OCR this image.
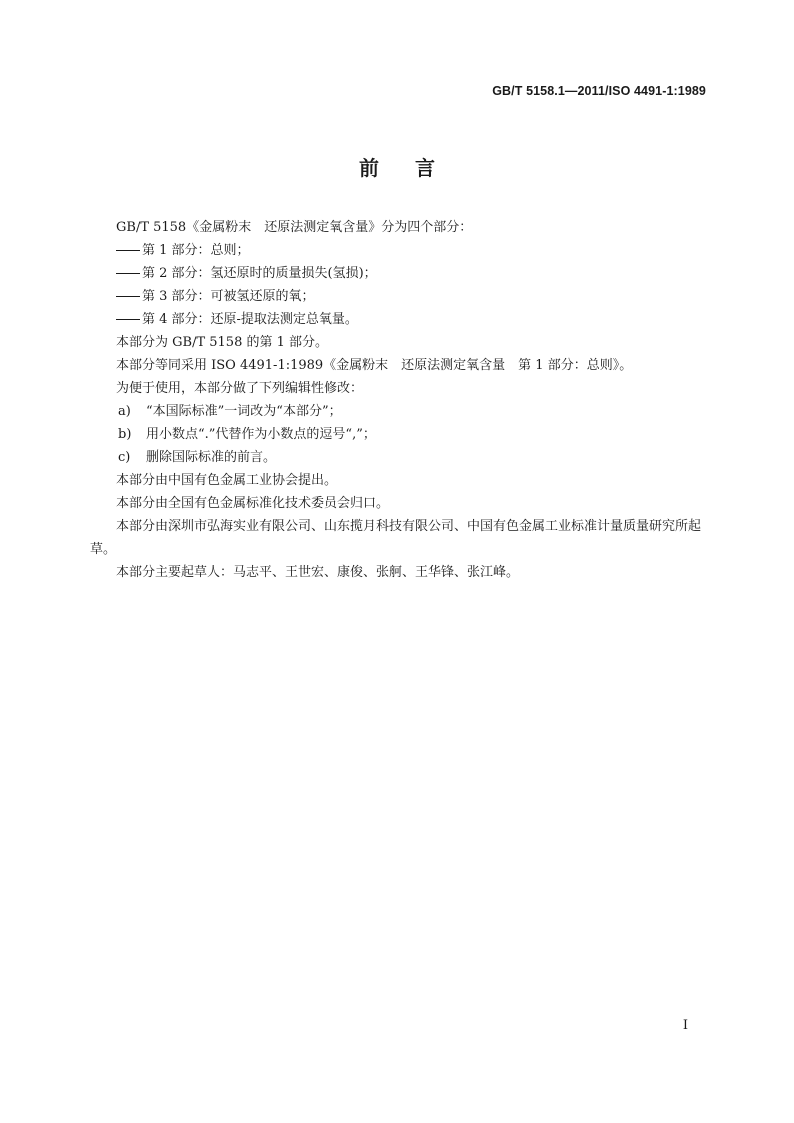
GB/T 5158.1—2011/ISO 4491-1:1989
前言

GB/T 5158《金属粉末　还原法测定氧含量》分为四个部分：

第 1 部分：总则；

第 2 部分：氢还原时的质量损失(氢损)；

第 3 部分：可被氢还原的氧；

第 4 部分：还原-提取法测定总氧量。

本部分为 GB/T 5158 的第 1 部分。

本部分等同采用 ISO 4491-1:1989《金属粉末　还原法测定氧含量　第 1 部分：总则》。

为便于使用，本部分做了下列编辑性修改：

a) “本国际标准”一词改为“本部分”；

b) 用小数点“.”代替作为小数点的逗号“,”；

c) 删除国际标准的前言。

本部分由中国有色金属工业协会提出。

本部分由全国有色金属标准化技术委员会归口。

本部分由深圳市弘海实业有限公司、山东揽月科技有限公司、中国有色金属工业标准计量质量研究所起草。

本部分主要起草人：马志平、王世宏、康俊、张舸、王华锋、张江峰。

I
